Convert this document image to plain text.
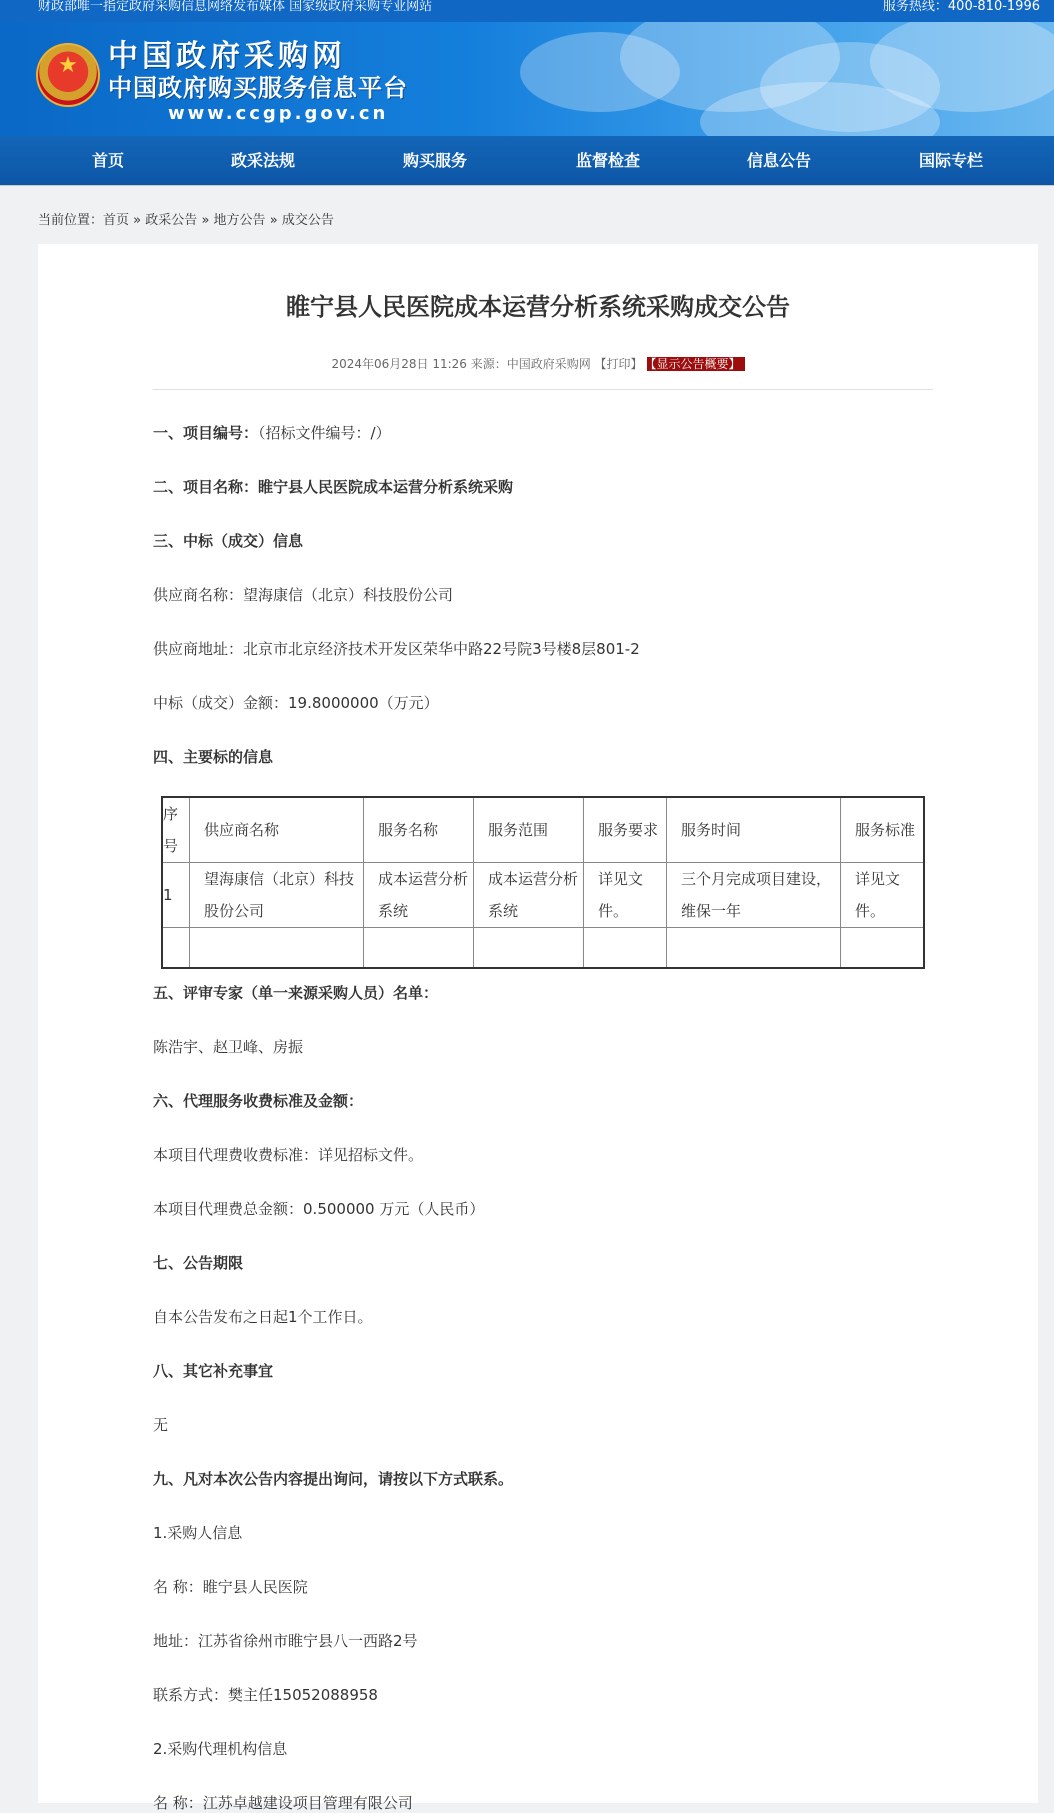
财政部唯一指定政府采购信息网络发布媒体 国家级政府采购专业网站	服务热线：400-810-1996
★
中国政府采购网
中国政府购买服务信息平台
www.ccgp.gov.cn
首页	政采法规	购买服务	监督检查	信息公告	国际专栏
当前位置：首页 » 政采公告 » 地方公告 » 成交公告
睢宁县人民医院成本运营分析系统采购成交公告
2024年06月28日 11:26 来源：中国政府采购网 【打印】 【显示公告概要】
一、项目编号：（招标文件编号：/）
二、项目名称：睢宁县人民医院成本运营分析系统采购
三、中标（成交）信息
供应商名称：望海康信（北京）科技股份公司
供应商地址：北京市北京经济技术开发区荣华中路22号院3号楼8层801-2
中标（成交）金额：19.8000000（万元）
四、主要标的信息
序号	供应商名称	服务名称	服务范围	服务要求	服务时间	服务标准

1	望海康信（北京）科技股份公司	成本运营分析系统	成本运营分析系统	详见文件。	三个月完成项目建设，维保一年	详见文件。

五、评审专家（单一来源采购人员）名单：
陈浩宇、赵卫峰、房振
六、代理服务收费标准及金额：
本项目代理费收费标准：详见招标文件。
本项目代理费总金额：0.500000 万元（人民币）
七、公告期限
自本公告发布之日起1个工作日。
八、其它补充事宜
无
九、凡对本次公告内容提出询问，请按以下方式联系。
1.采购人信息
名 称：睢宁县人民医院
地址：江苏省徐州市睢宁县八一西路2号
联系方式：樊主任15052088958
2.采购代理机构信息
名 称：江苏卓越建设项目管理有限公司
